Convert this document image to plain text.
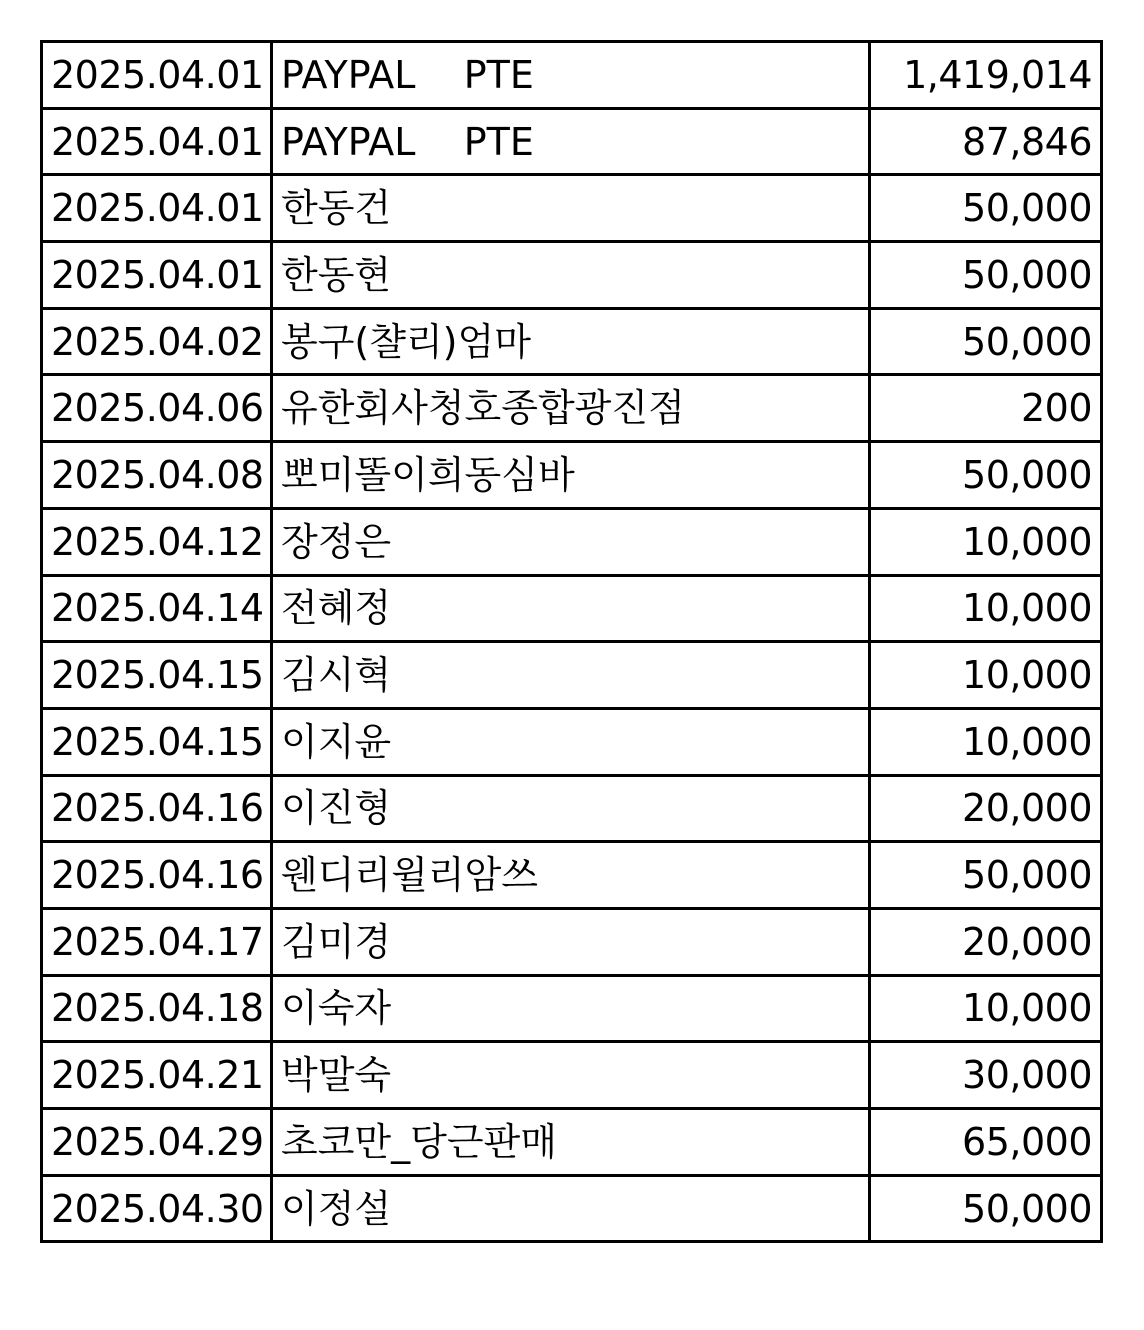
2025.04.01	PAYPAL    PTE	1,419,014
2025.04.01	PAYPAL    PTE	87,846
2025.04.01	한동건	50,000
2025.04.01	한동현	50,000
2025.04.02	봉구(챨리)엄마	50,000
2025.04.06	유한회사청호종합광진점	200
2025.04.08	뽀미똘이희동심바	50,000
2025.04.12	장정은	10,000
2025.04.14	전혜정	10,000
2025.04.15	김시혁	10,000
2025.04.15	이지윤	10,000
2025.04.16	이진형	20,000
2025.04.16	웬디리윌리암쓰	50,000
2025.04.17	김미경	20,000
2025.04.18	이숙자	10,000
2025.04.21	박말숙	30,000
2025.04.29	초코만_당근판매	65,000
2025.04.30	이정설	50,000
